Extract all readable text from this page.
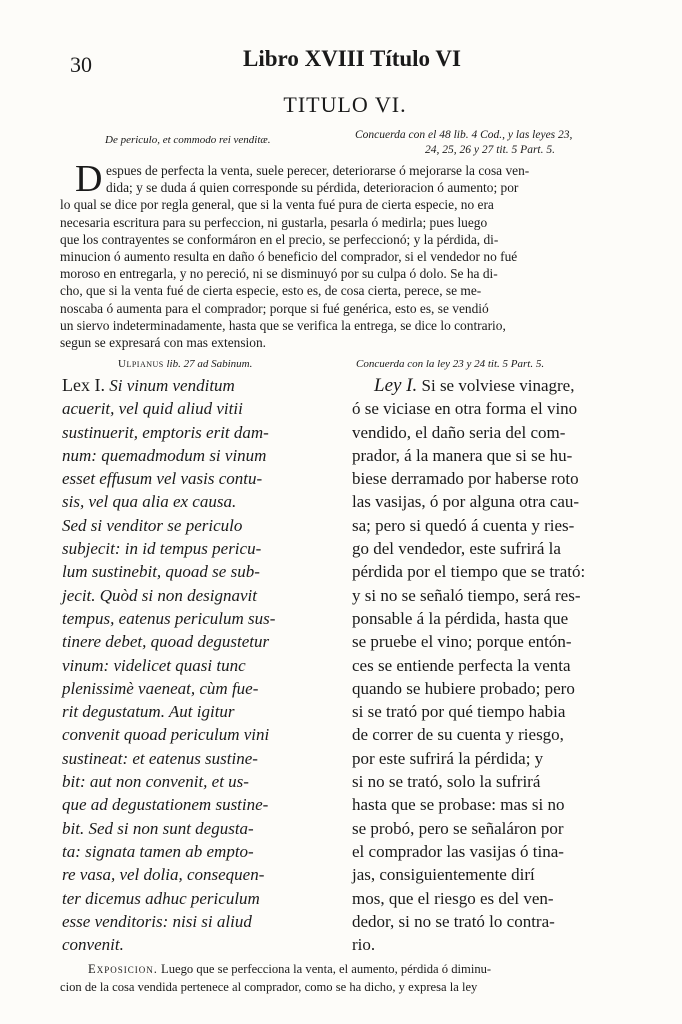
30	Libro XVIII Título VI
TITULO VI.
De periculo, et commodo rei venditæ.	Concuerda con el 48 lib. 4 Cod., y las leyes 23,
24, 25, 26 y 27 tit. 5 Part. 5.
D espues de perfecta la venta, suele perecer, deteriorarse ó mejorarse la cosa ven-
dida; y se duda á quien corresponde su pérdida, deterioracion ó aumento; por
lo qual se dice por regla general, que si la venta fué pura de cierta especie, no era
necesaria escritura para su perfeccion, ni gustarla, pesarla ó medirla; pues luego
que los contrayentes se conformáron en el precio, se perfeccionó; y la pérdida, di-
minucion ó aumento resulta en daño ó beneficio del comprador, si el vendedor no fué
moroso en entregarla, y no pereció, ni se disminuyó por su culpa ó dolo. Se ha di-
cho, que si la venta fué de cierta especie, esto es, de cosa cierta, perece, se me-
noscaba ó aumenta para el comprador; porque si fué genérica, esto es, se vendió
un siervo indeterminadamente, hasta que se verifica la entrega, se dice lo contrario,
segun se expresará con mas extension.
Ulpianus lib. 27 ad Sabinum.	Concuerda con la ley 23 y 24 tit. 5 Part. 5.
Lex I. Si vinum venditum
acuerit, vel quid aliud vitii
sustinuerit, emptoris erit dam-
num: quemadmodum si vinum
esset effusum vel vasis contu-
sis, vel qua alia ex causa.
Sed si venditor se periculo
subjecit: in id tempus pericu-
lum sustinebit, quoad se sub-
jecit. Quòd si non designavit
tempus, eatenus periculum sus-
tinere debet, quoad degustetur
vinum: videlicet quasi tunc
plenissimè vaeneat, cùm fue-
rit degustatum. Aut igitur
convenit quoad periculum vini
sustineat: et eatenus sustine-
bit: aut non convenit, et us-
que ad degustationem sustine-
bit. Sed si non sunt degusta-
ta: signata tamen ab empto-
re vasa, vel dolia, consequen-
ter dicemus adhuc periculum
esse venditoris: nisi si aliud
convenit.
Ley I. Si se volviese vinagre,
ó se viciase en otra forma el vino
vendido, el daño seria del com-
prador, á la manera que si se hu-
biese derramado por haberse roto
las vasijas, ó por alguna otra cau-
sa; pero si quedó á cuenta y ries-
go del vendedor, este sufrirá la
pérdida por el tiempo que se trató:
y si no se señaló tiempo, será res-
ponsable á la pérdida, hasta que
se pruebe el vino; porque entón-
ces se entiende perfecta la venta
quando se hubiere probado; pero
si se trató por qué tiempo habia
de correr de su cuenta y riesgo,
por este sufrirá la pérdida; y
si no se trató, solo la sufrirá
hasta que se probase: mas si no
se probó, pero se señaláron por
el comprador las vasijas ó tina-
jas, consiguientemente dirí
mos, que el riesgo es del ven-
dedor, si no se trató lo contra-
rio.
Exposicion. Luego que se perfecciona la venta, el aumento, pérdida ó diminu-
cion de la cosa vendida pertenece al comprador, como se ha dicho, y expresa la ley
